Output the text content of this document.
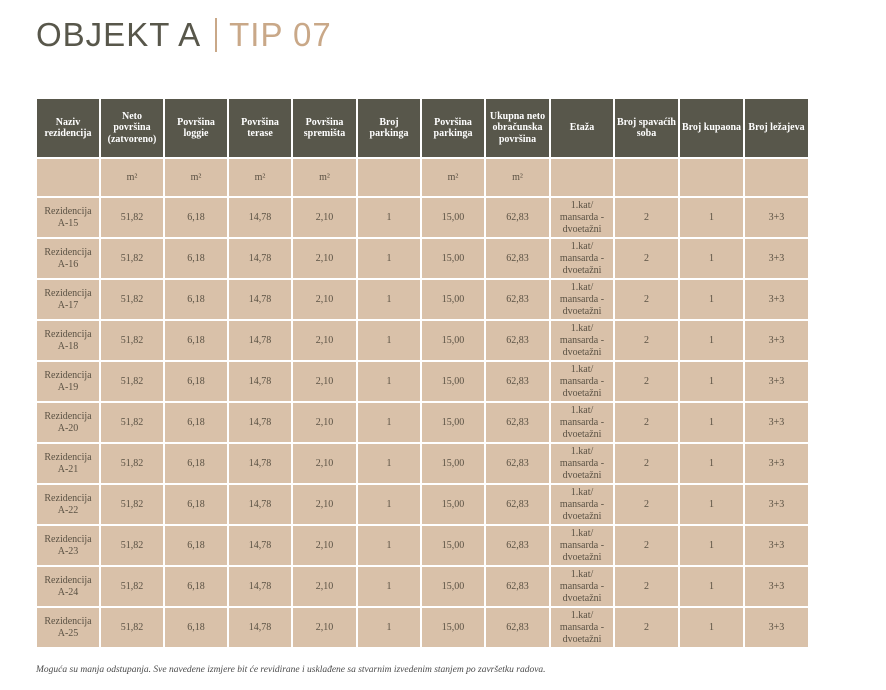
OBJEKT A TIP 07
Naziv rezidencija	Neto površina (zatvoreno)	Površina loggie	Površina terase	Površina spremišta	Broj parkinga	Površina parkinga	Ukupna neto obračunska površina	Etaža	Broj spavaćih soba	Broj kupaona	Broj ležajeva
	m²	m²	m²	m²		m²	m²				
Rezidencija A-15	51,82	6,18	14,78	2,10	1	15,00	62,83	1.kat/ mansarda - dvoetažni	2	1	3+3
Rezidencija A-16	51,82	6,18	14,78	2,10	1	15,00	62,83	1.kat/ mansarda - dvoetažni	2	1	3+3
Rezidencija A-17	51,82	6,18	14,78	2,10	1	15,00	62,83	1.kat/ mansarda - dvoetažni	2	1	3+3
Rezidencija A-18	51,82	6,18	14,78	2,10	1	15,00	62,83	1.kat/ mansarda - dvoetažni	2	1	3+3
Rezidencija A-19	51,82	6,18	14,78	2,10	1	15,00	62,83	1.kat/ mansarda - dvoetažni	2	1	3+3
Rezidencija A-20	51,82	6,18	14,78	2,10	1	15,00	62,83	1.kat/ mansarda - dvoetažni	2	1	3+3
Rezidencija A-21	51,82	6,18	14,78	2,10	1	15,00	62,83	1.kat/ mansarda - dvoetažni	2	1	3+3
Rezidencija A-22	51,82	6,18	14,78	2,10	1	15,00	62,83	1.kat/ mansarda - dvoetažni	2	1	3+3
Rezidencija A-23	51,82	6,18	14,78	2,10	1	15,00	62,83	1.kat/ mansarda - dvoetažni	2	1	3+3
Rezidencija A-24	51,82	6,18	14,78	2,10	1	15,00	62,83	1.kat/ mansarda - dvoetažni	2	1	3+3
Rezidencija A-25	51,82	6,18	14,78	2,10	1	15,00	62,83	1.kat/ mansarda - dvoetažni	2	1	3+3
Moguća su manja odstupanja. Sve navedene izmjere bit će revidirane i usklađene sa stvarnim izvedenim stanjem po završetku radova.
